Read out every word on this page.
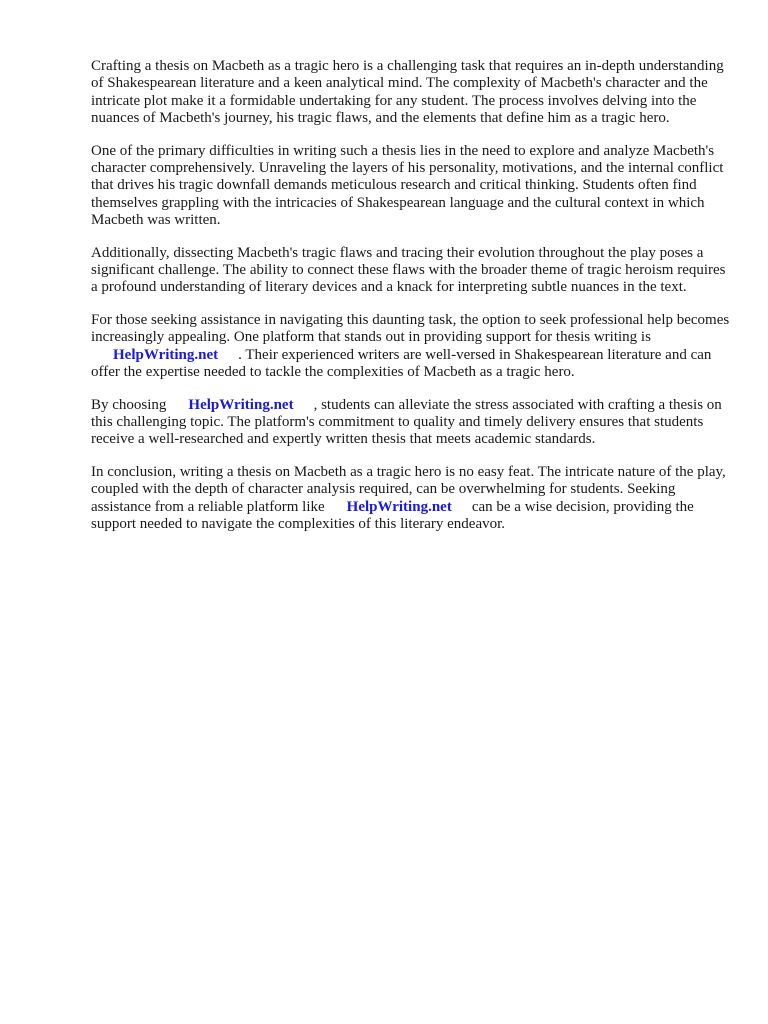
Crafting a thesis on Macbeth as a tragic hero is a challenging task that requires an in-depth understanding of Shakespearean literature and a keen analytical mind. The complexity of Macbeth's character and the intricate plot make it a formidable undertaking for any student. The process involves delving into the nuances of Macbeth's journey, his tragic flaws, and the elements that define him as a tragic hero.

One of the primary difficulties in writing such a thesis lies in the need to explore and analyze Macbeth's character comprehensively. Unraveling the layers of his personality, motivations, and the internal conflict that drives his tragic downfall demands meticulous research and critical thinking. Students often find themselves grappling with the intricacies of Shakespearean language and the cultural context in which Macbeth was written.

Additionally, dissecting Macbeth's tragic flaws and tracing their evolution throughout the play poses a significant challenge. The ability to connect these flaws with the broader theme of tragic heroism requires a profound understanding of literary devices and a knack for interpreting subtle nuances in the text.

For those seeking assistance in navigating this daunting task, the option to seek professional help becomes increasingly appealing. One platform that stands out in providing support for thesis writing isHelpWriting.net . Their experienced writers are well-versed in Shakespearean literature and can offer the expertise needed to tackle the complexities of Macbeth as a tragic hero.

By choosing HelpWriting.net , students can alleviate the stress associated with crafting a thesis on this challenging topic. The platform's commitment to quality and timely delivery ensures that students receive a well-researched and expertly written thesis that meets academic standards.

In conclusion, writing a thesis on Macbeth as a tragic hero is no easy feat. The intricate nature of the play, coupled with the depth of character analysis required, can be overwhelming for students. Seeking assistance from a reliable platform like HelpWriting.net can be a wise decision, providing the support needed to navigate the complexities of this literary endeavor.
